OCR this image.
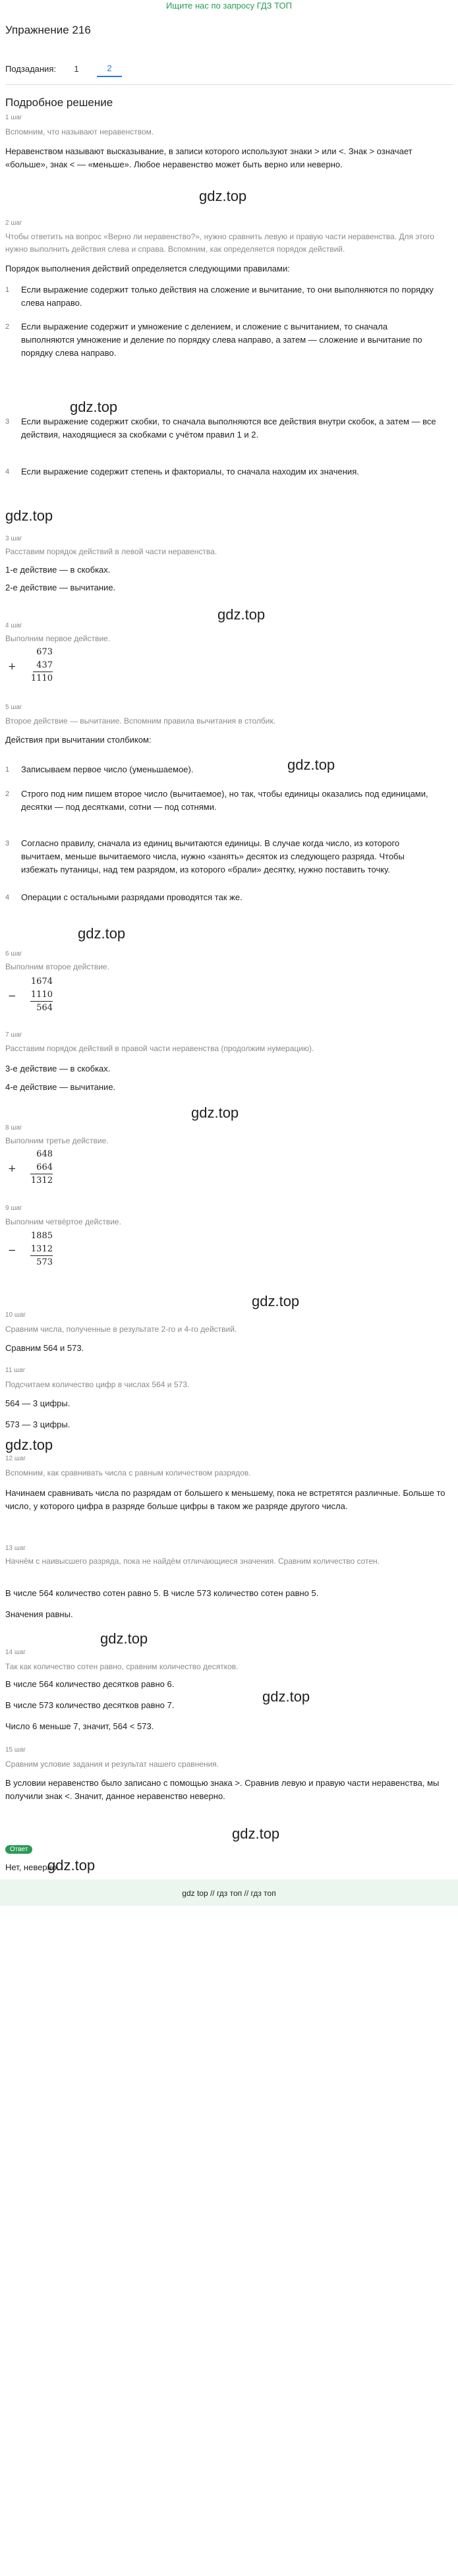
Ищите нас по запросу ГДЗ ТОП
Упражнение 216
Подзадания:	1	2
Подробное решение
1 шаг
Вспомним, что называют неравенством.
Неравенством называют высказывание, в записи которого используют знаки > или <. Знак > означает «больше», знак < — «меньше». Любое неравенство может быть верно или неверно.
gdz.top
2 шаг
Чтобы ответить на вопрос «Верно ли неравенство?», нужно сравнить левую и правую части неравенства. Для этого нужно выполнить действия слева и справа. Вспомним, как определяется порядок действий.
Порядок выполнения действий определяется следующими правилами:
1 Если выражение содержит только действия на сложение и вычитание, то они выполняются по порядку слева направо.
2 Если выражение содержит и умножение с делением, и сложение с вычитанием, то сначала выполняются умножение и деление по порядку слева направо, а затем — сложение и вычитание по порядку слева направо.
gdz.top
3 Если выражение содержит скобки, то сначала выполняются все действия внутри скобок, а затем — все действия, находящиеся за скобками с учётом правил 1 и 2.
4 Если выражение содержит степень и факториалы, то сначала находим их значения.
gdz.top
3 шаг
Расставим порядок действий в левой части неравенства.
1-е действие — в скобках.
2-е действие — вычитание.
gdz.top
4 шаг
Выполним первое действие.
673
+ 437
1110
5 шаг
Второе действие — вычитание. Вспомним правила вычитания в столбик.
Действия при вычитании столбиком:
gdz.top
1 Записываем первое число (уменьшаемое).
2 Строго под ним пишем второе число (вычитаемое), но так, чтобы единицы оказались под единицами, десятки — под десятками, сотни — под сотнями.
3 Согласно правилу, сначала из единиц вычитаются единицы. В случае когда число, из которого вычитаем, меньше вычитаемого числа, нужно «занять» десяток из следующего разряда. Чтобы избежать путаницы, над тем разрядом, из которого «брали» десятку, нужно поставить точку.
4 Операции с остальными разрядами проводятся так же.
gdz.top
6 шаг
Выполним второе действие.
1674
− 1110
564
7 шаг
Расставим порядок действий в правой части неравенства (продолжим нумерацию).
3-е действие — в скобках.
4-е действие — вычитание.
gdz.top
8 шаг
Выполним третье действие.
648
+ 664
1312
9 шаг
Выполним четвёртое действие.
1885
− 1312
573
gdz.top
10 шаг
Сравним числа, полученные в результате 2-го и 4-го действий.
Сравним 564 и 573.
11 шаг
Подсчитаем количество цифр в числах 564 и 573.
564 — 3 цифры.
573 — 3 цифры.
gdz.top
12 шаг
Вспомним, как сравнивать числа с равным количеством разрядов.
Начинаем сравнивать числа по разрядам от большего к меньшему, пока не встретятся различные. Больше то число, у которого цифра в разряде больше цифры в таком же разряде другого числа.
13 шаг
Начнём с наивысшего разряда, пока не найдём отличающиеся значения. Сравним количество сотен.
В числе 564 количество сотен равно 5. В числе 573 количество сотен равно 5.
Значения равны.
gdz.top
14 шаг
Так как количество сотен равно, сравним количество десятков.
В числе 564 количество десятков равно 6.
gdz.top
В числе 573 количество десятков равно 7.
Число 6 меньше 7, значит, 564 < 573.
15 шаг
Сравним условие задания и результат нашего сравнения.
В условии неравенство было записано с помощью знака >. Сравнив левую и правую части неравенства, мы получили знак <. Значит, данное неравенство неверно.
gdz.top
Ответ
gdz.top
Нет, неверно.
gdz top // гдз топ // гдз топ
